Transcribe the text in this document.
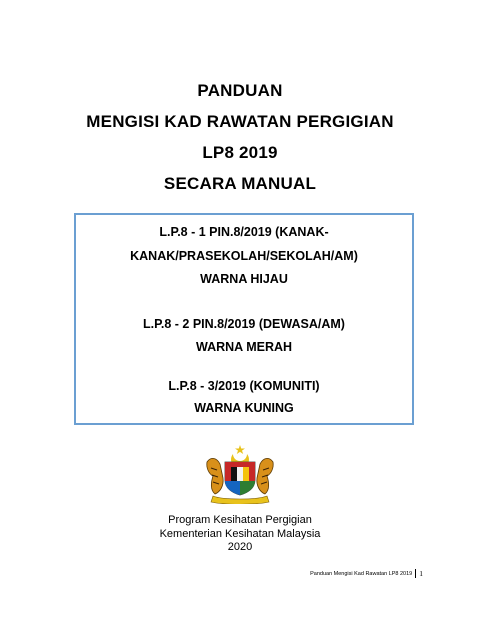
PANDUAN
MENGISI KAD RAWATAN PERGIGIAN
LP8 2019
SECARA MANUAL
L.P.8 - 1 PIN.8/2019 (KANAK-
KANAK/PRASEKOLAH/SEKOLAH/AM)
WARNA HIJAU
L.P.8 - 2 PIN.8/2019 (DEWASA/AM)
WARNA MERAH
L.P.8 - 3/2019 (KOMUNITI)
WARNA KUNING
Program Kesihatan Pergigian
Kementerian Kesihatan Malaysia
2020
Panduan Mengisi Kad Rawatan LP8 2019 1
